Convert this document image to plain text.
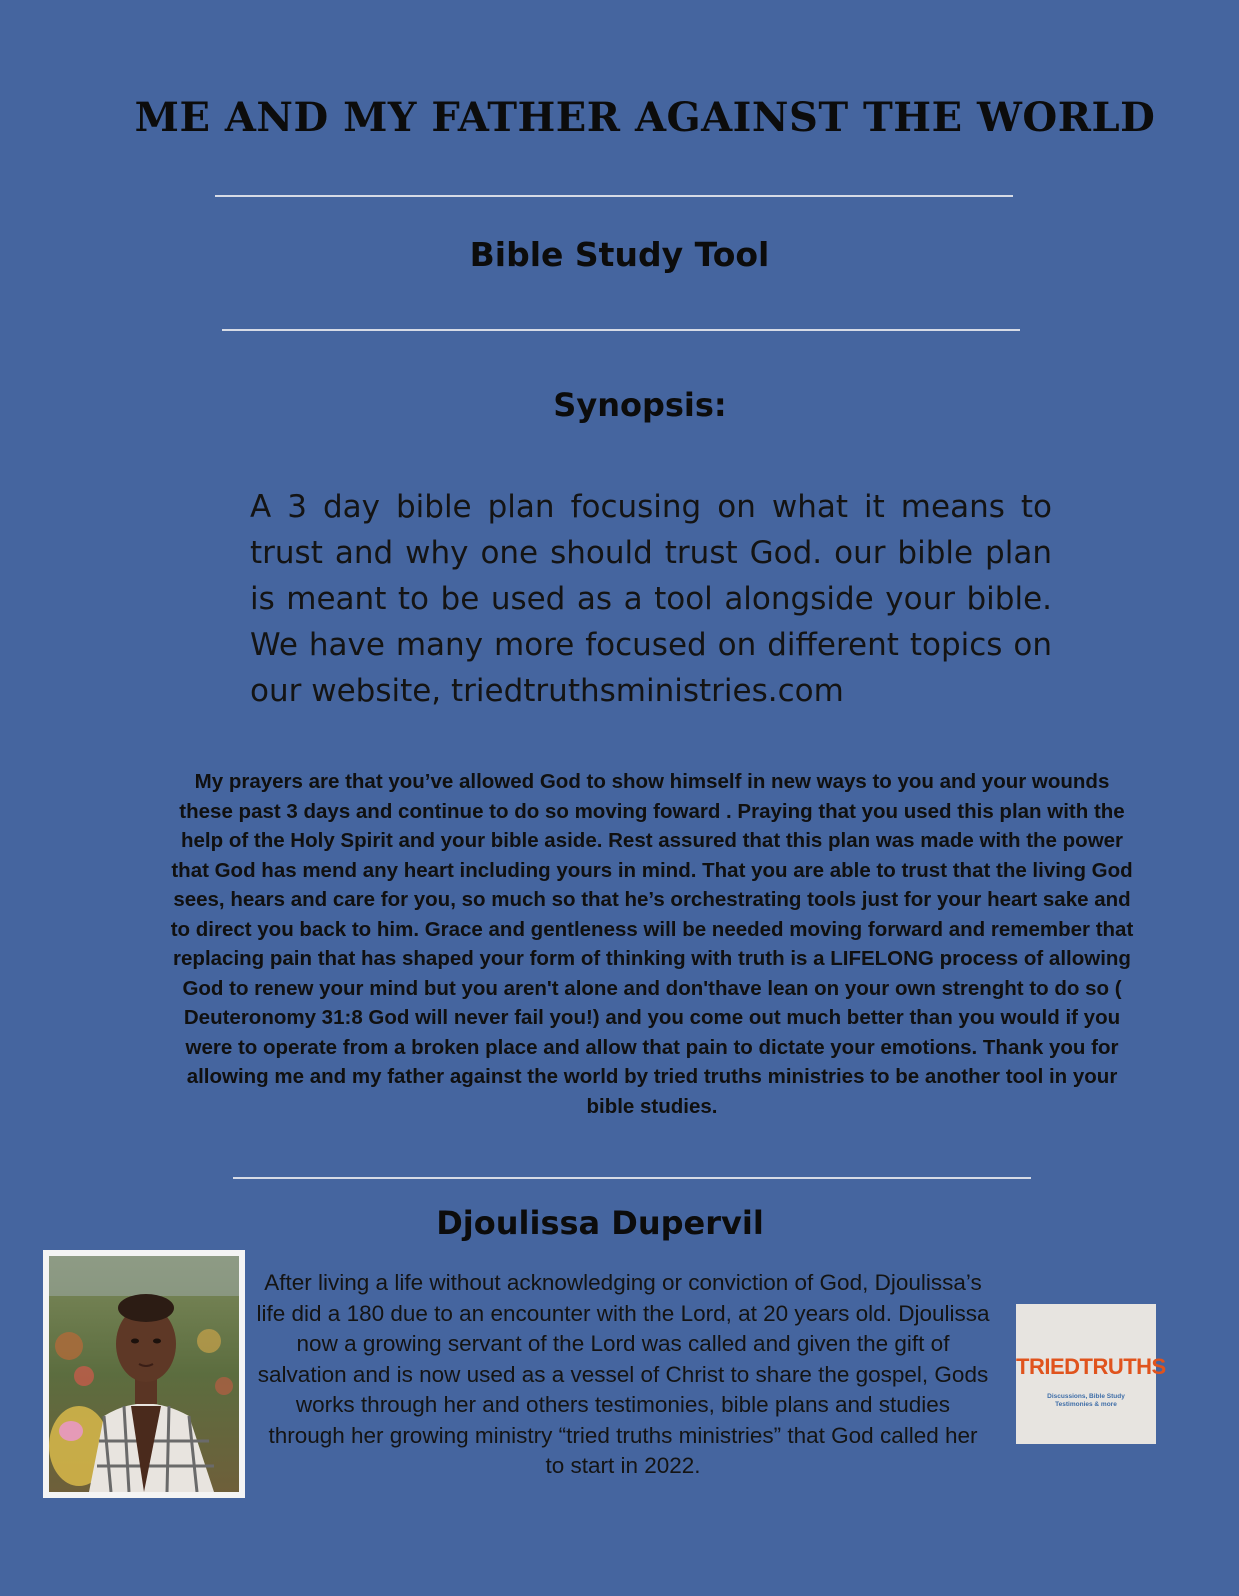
ME AND MY FATHER AGAINST THE WORLD
Bible Study Tool
Synopsis:
A 3 day bible plan focusing on what it means to trust and why one should trust God. our bible plan is meant to be used as a tool alongside your bible. We have many more focused on different topics on our website, triedtruthsministries.com
My prayers are that you’ve allowed God to show himself in new ways to you and your wounds these past 3 days and continue to do so moving foward . Praying that you used this plan with the help of the Holy Spirit and your bible aside. Rest assured that this plan was made with the power that God has mend any heart including yours in mind. That you are able to trust that the living God sees, hears and care for you, so much so that he’s orchestrating tools just for your heart sake and to direct you back to him. Grace and gentleness will be needed moving forward and remember that replacing pain that has shaped your form of thinking with truth is a LIFELONG process of allowing God to renew your mind but you aren't alone and don'thave lean on your own strenght to do so ( Deuteronomy 31:8 God will never fail you!) and you come out much better than you would if you were to operate from a broken place and allow that pain to dictate your emotions. Thank you for allowing me and my father against the world by tried truths ministries to be another tool in your bible studies.
Djoulissa Dupervil
After living a life without acknowledging or conviction of God, Djoulissa’s life did a 180 due to an encounter with the Lord, at 20 years old. Djoulissa now a growing servant of the Lord was called and given the gift of salvation and is now used as a vessel of Christ to share the gospel, Gods works through her and others testimonies, bible plans and studies through her growing ministry “tried truths ministries” that God called her to start in 2022.
TRIEDTRUTHS
Discussions, Bible Study Testimonies & more
